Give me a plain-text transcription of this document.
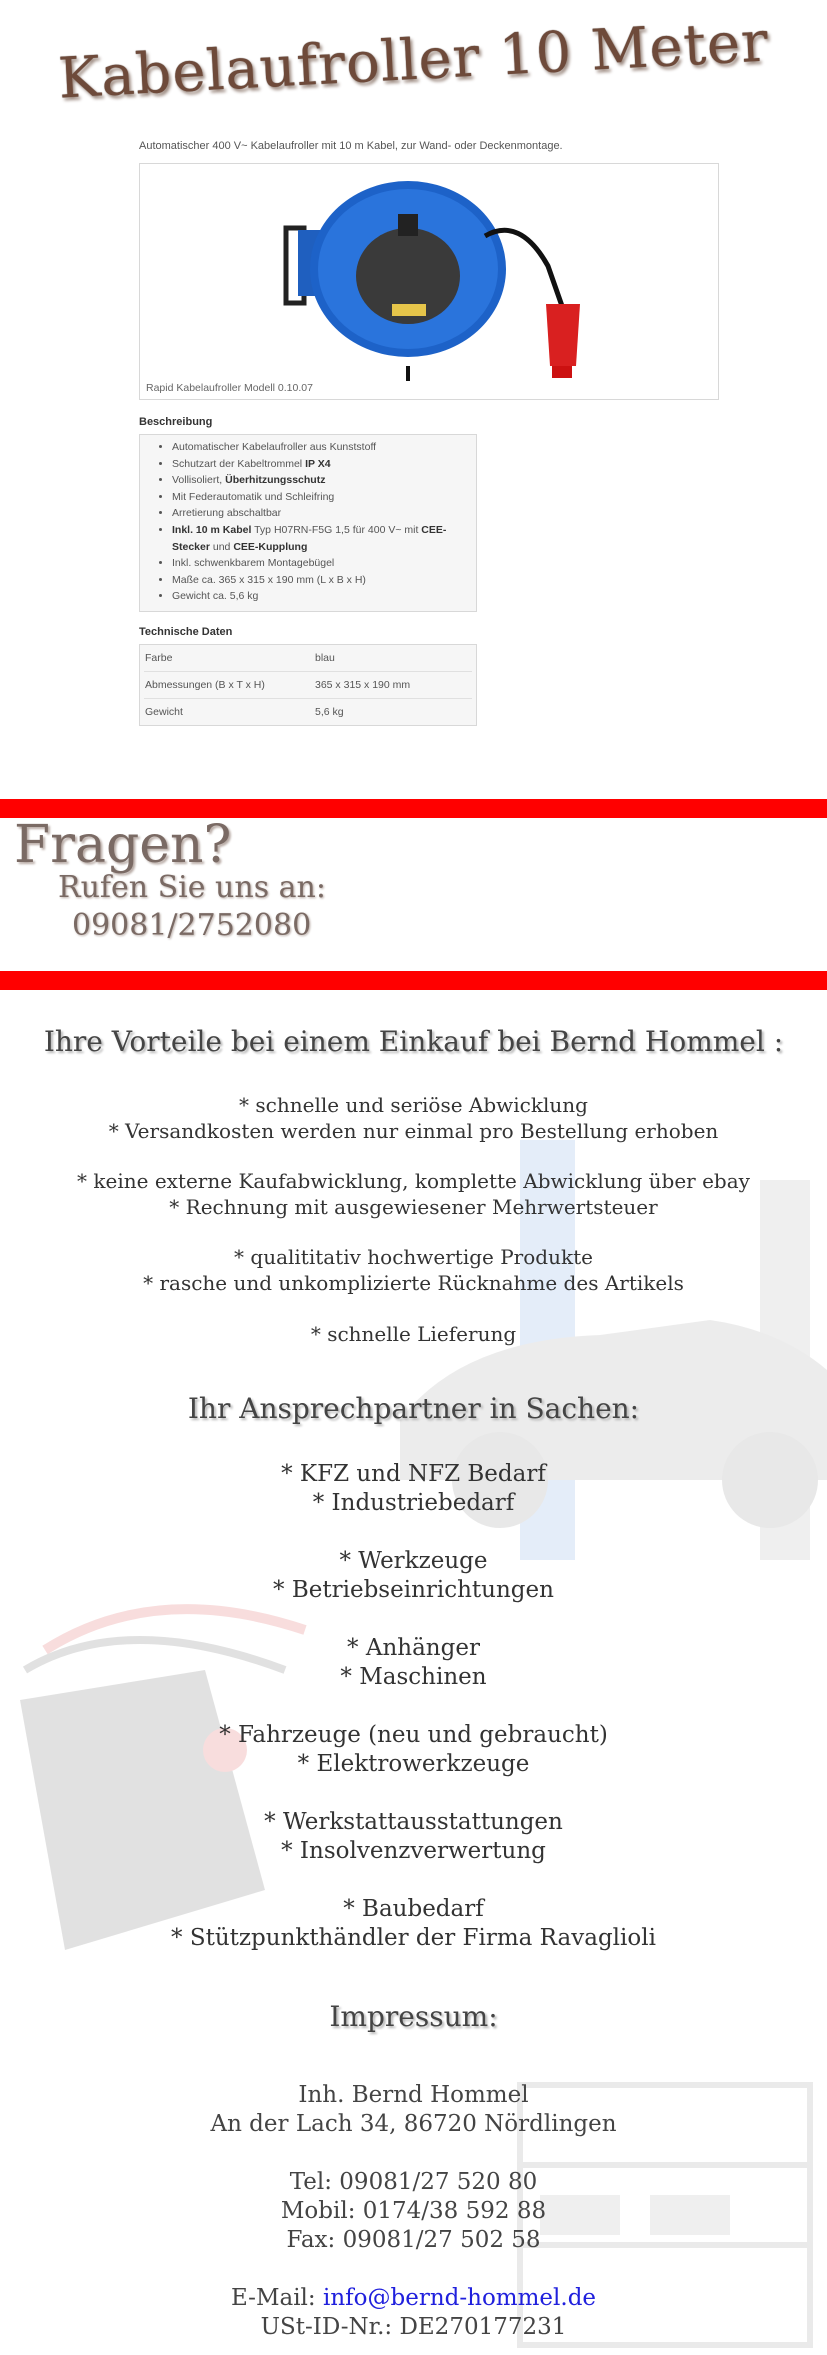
Kabelaufroller 10 Meter

Automatischer 400 V~ Kabelaufroller mit 10 m Kabel, zur Wand- oder Deckenmontage.

Rapid Kabelaufroller Modell 0.10.07
Beschreibung
• Automatischer Kabelaufroller aus Kunststoff
• Schutzart der Kabeltrommel IP X4
• Vollisoliert, Überhitzungsschutz
• Mit Federautomatik und Schleifring
• Arretierung abschaltbar
• Inkl. 10 m Kabel Typ H07RN-F5G 1,5 für 400 V~ mit CEE-Stecker und CEE-Kupplung
• Inkl. schwenkbarem Montagebügel
• Maße ca. 365 x 315 x 190 mm (L x B x H)
• Gewicht ca. 5,6 kg
Technische Daten
Farbe	blau
Abmessungen (B x T x H)	365 x 315 x 190 mm
Gewicht	5,6 kg
Fragen?
Rufen Sie uns an:
09081/2752080
Ihre Vorteile bei einem Einkauf bei Bernd Hommel :

* schnelle und seriöse Abwicklung

* Versandkosten werden nur einmal pro Bestellung erhoben

* keine externe Kaufabwicklung, komplette Abwicklung über ebay

* Rechnung mit ausgewiesener Mehrwertsteuer

* qualititativ hochwertige Produkte

* rasche und unkomplizierte Rücknahme des Artikels

* schnelle Lieferung

Ihr Ansprechpartner in Sachen:

* KFZ und NFZ Bedarf

* Industriebedarf

* Werkzeuge

* Betriebseinrichtungen

* Anhänger

* Maschinen

* Fahrzeuge (neu und gebraucht)

* Elektrowerkzeuge

* Werkstattausstattungen

* Insolvenzverwertung

* Baubedarf

* Stützpunkthändler der Firma Ravaglioli

Impressum:

Inh. Bernd Hommel

An der Lach 34, 86720 Nördlingen

Tel: 09081/27 520 80

Mobil: 0174/38 592 88

Fax: 09081/27 502 58

E-Mail: info@bernd-hommel.de

USt-ID-Nr.: DE270177231
